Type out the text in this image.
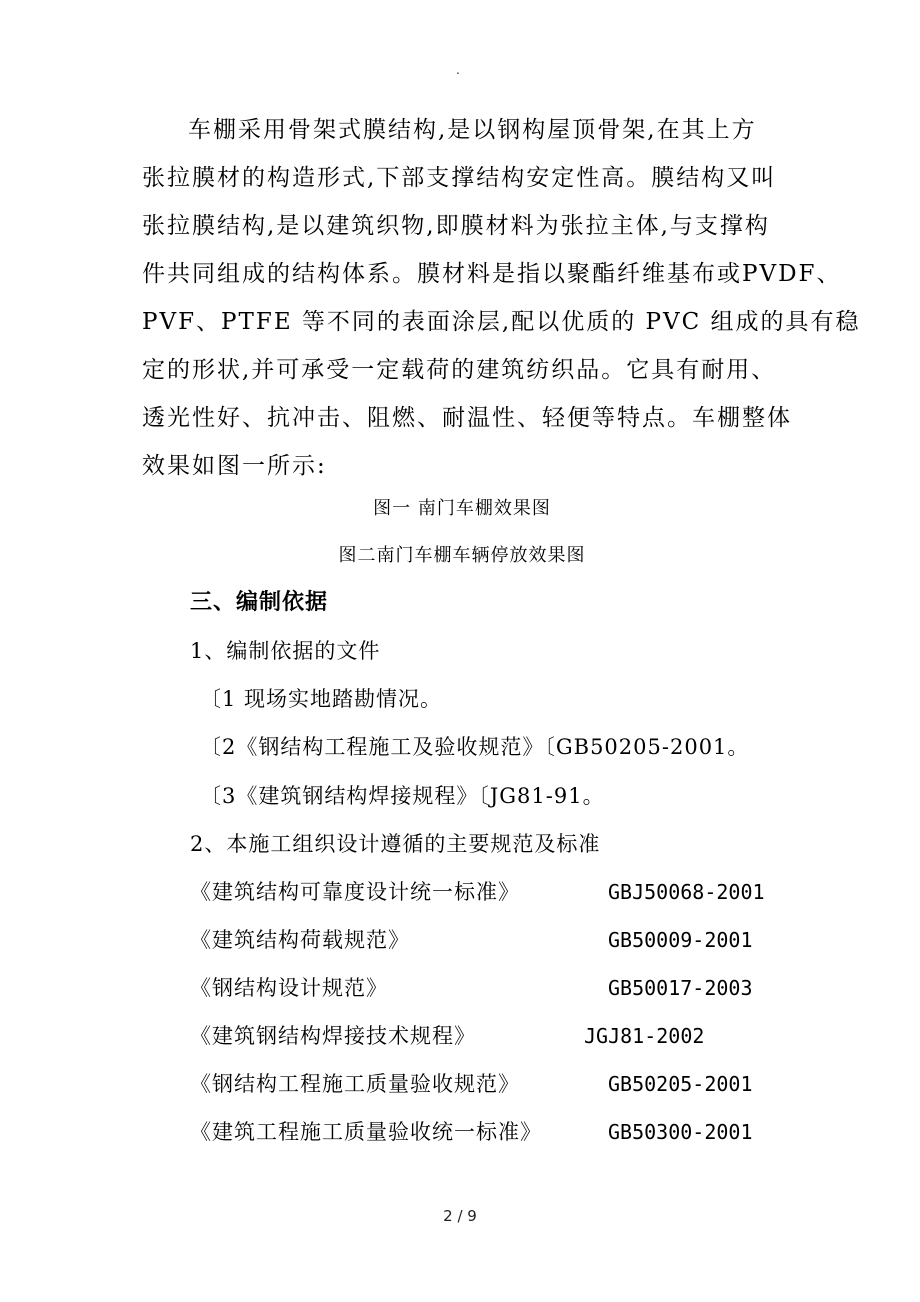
.
车棚采用骨架式膜结构,是以钢构屋顶骨架,在其上方
张拉膜材的构造形式,下部支撑结构安定性高。膜结构又叫
张拉膜结构,是以建筑织物,即膜材料为张拉主体,与支撑构
件共同组成的结构体系。膜材料是指以聚酯纤维基布或PVDF、
PVF、PTFE 等不同的表面涂层,配以优质的 PVC 组成的具有稳
定的形状,并可承受一定载荷的建筑纺织品。它具有耐用、
透光性好、抗冲击、阻燃、耐温性、轻便等特点。车棚整体
效果如图一所示:
图一 南门车棚效果图
图二南门车棚车辆停放效果图
三、编制依据
1、编制依据的文件
〔1 现场实地踏勘情况。
〔2《钢结构工程施工及验收规范》〔GB50205-2001。
〔3《建筑钢结构焊接规程》〔JG81-91。
2、本施工组织设计遵循的主要规范及标准
《建筑结构可靠度设计统一标准》	GBJ50068-2001
《建筑结构荷载规范》	GB50009-2001
《钢结构设计规范》	GB50017-2003
《建筑钢结构焊接技术规程》	JGJ81-2002
《钢结构工程施工质量验收规范》	GB50205-2001
《建筑工程施工质量验收统一标准》	GB50300-2001
2 / 9
